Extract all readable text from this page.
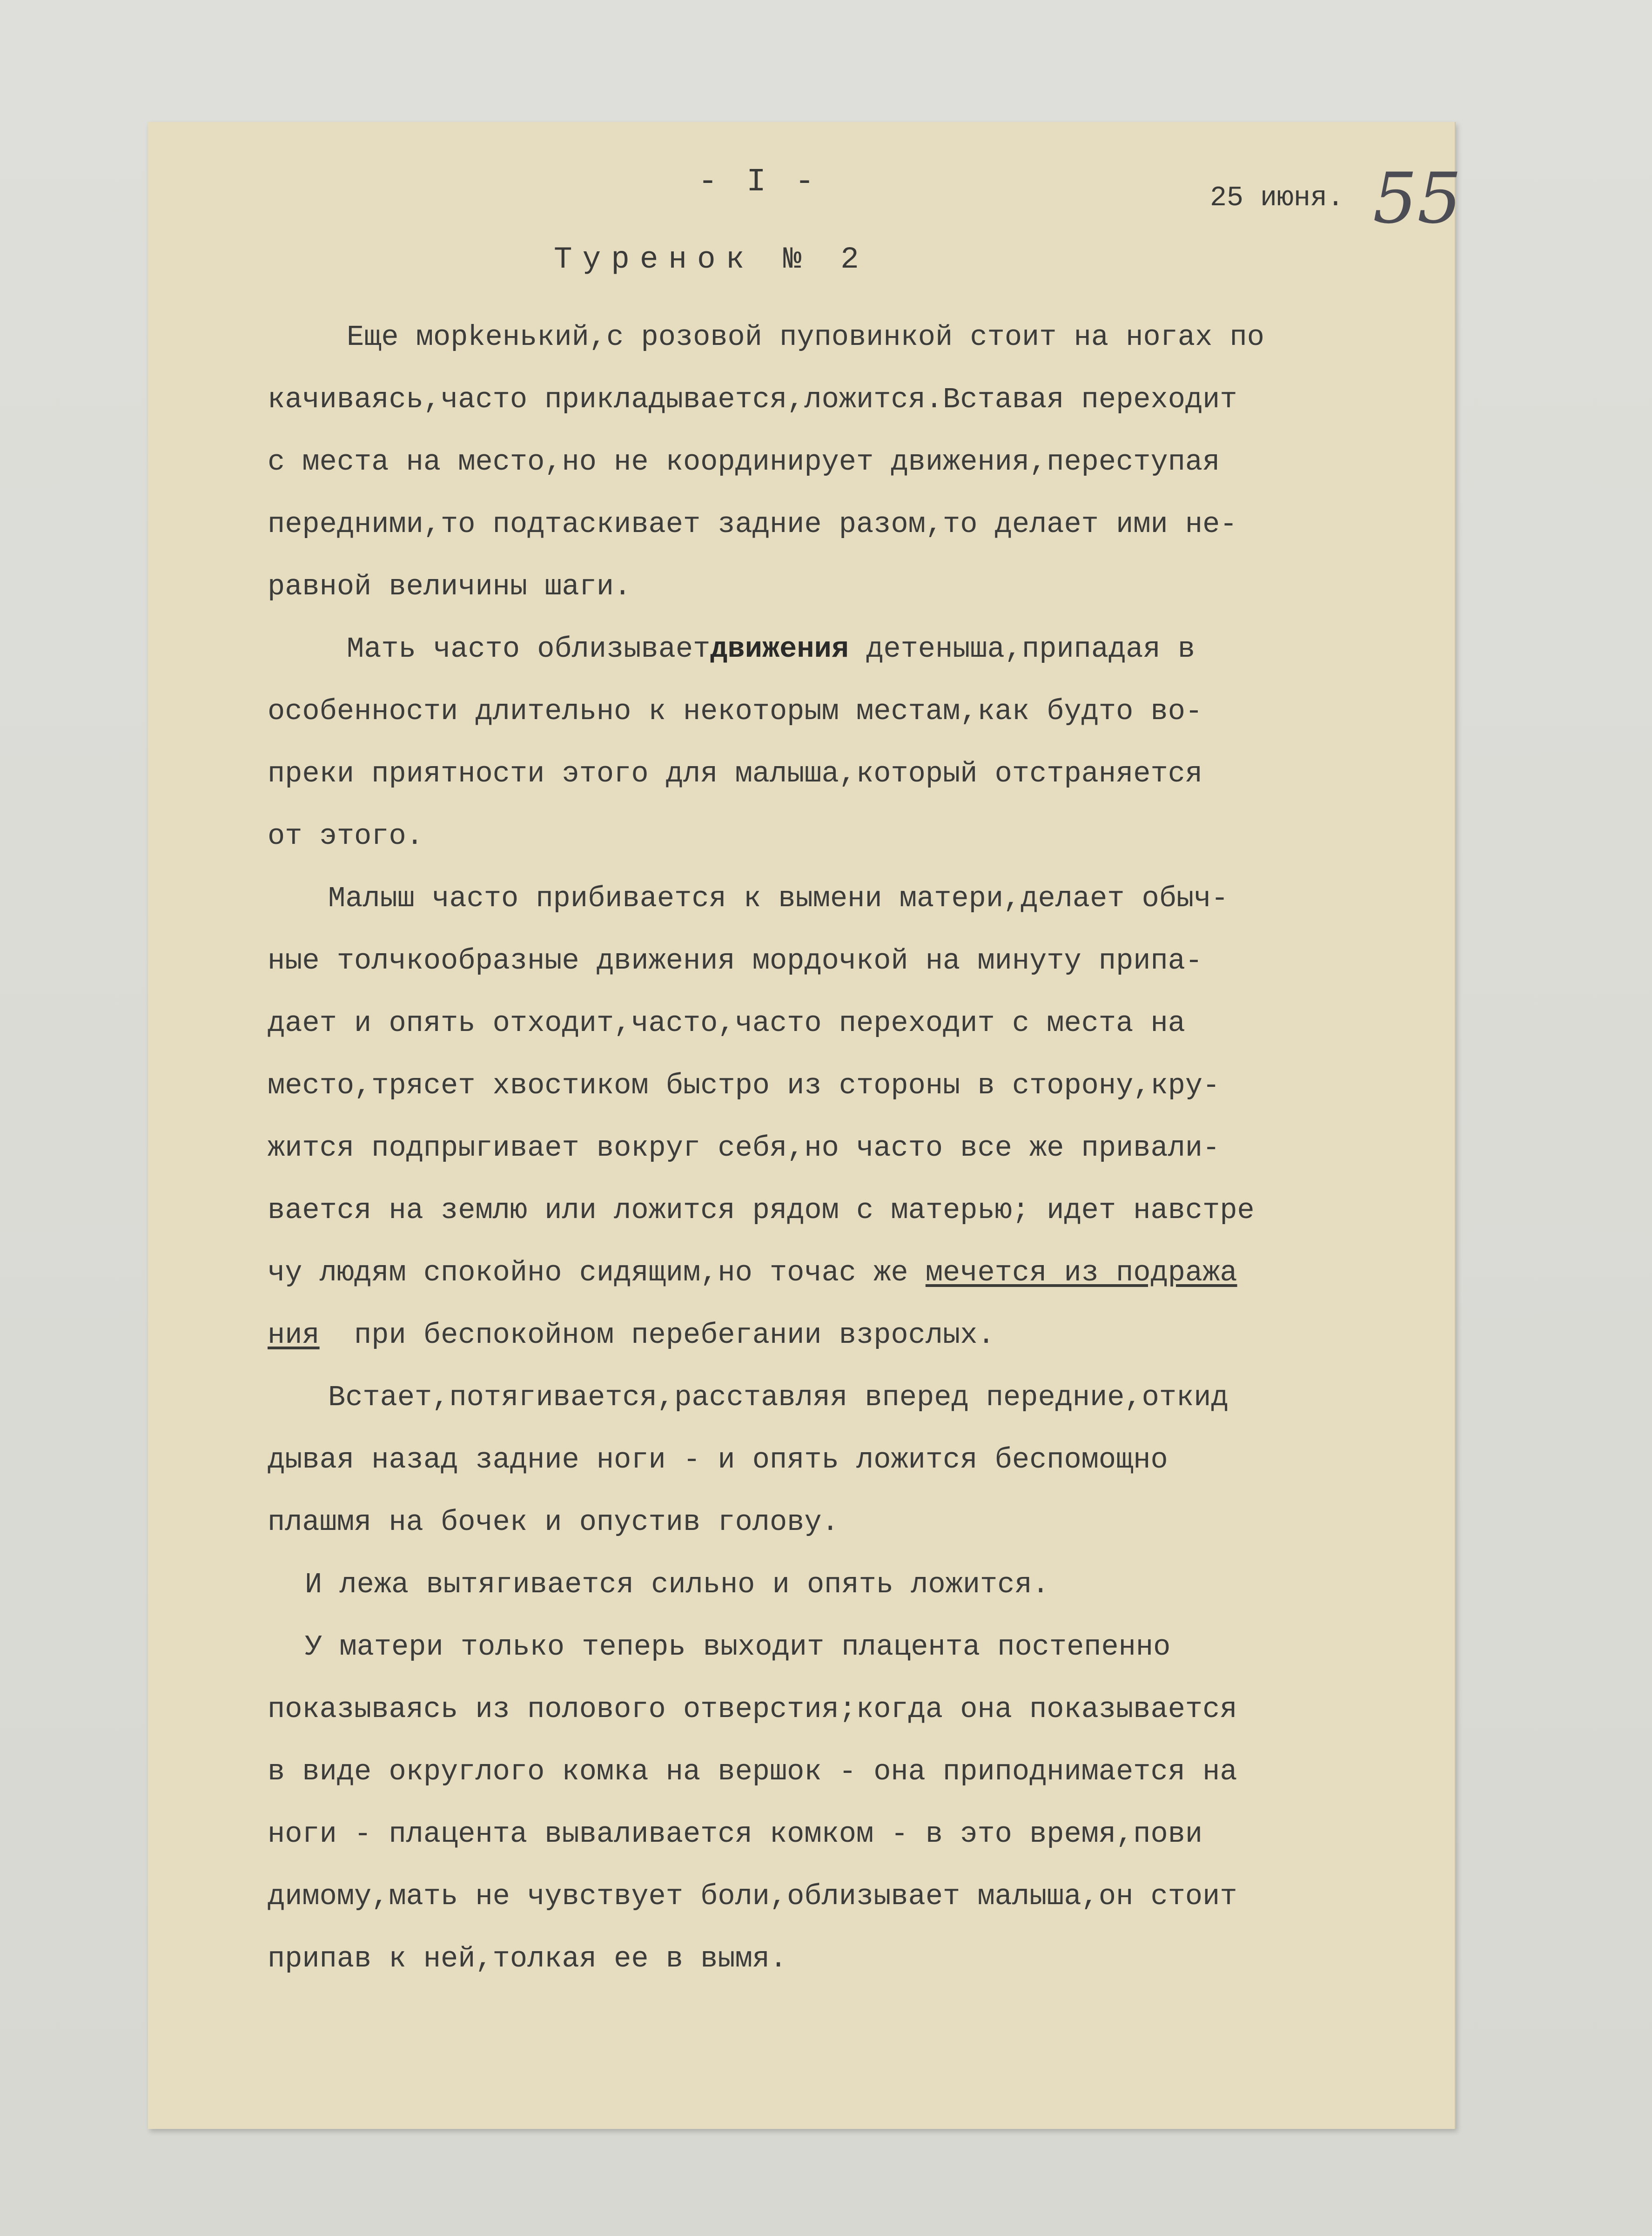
- I -	25 июня. 55
Туренок № 2
Еще морkенький,с розовой пуповинкой стоит на ногах по
качиваясь,часто прикладывается,ложится.Вставая переходит
с места на место,но не координирует движения,переступая
передними,то подтаскивает задние разом,то делает ими не-
равной величины шаги.
Мать часто облизываетдвижения детеныша,припадая в
особенности длительно к некоторым местам,как будто во-
преки приятности этого для малыша,который отстраняется
от этого.
Малыш часто прибивается к вымени матери,делает обыч-
ные толчкообразные движения мордочкой на минуту припа-
дает и опять отходит,часто,часто переходит с места на
место,трясет хвостиком быстро из стороны в сторону,кру-
жится подпрыгивает вокруг себя,но часто все же привали-
вается на землю или ложится рядом с матерью; идет навстре
чу людям спокойно сидящим,но точас же мечется из подража
ния  при беспокойном перебегании взрослых.
Встает,потягивается,расставляя вперед передние,откид
дывая назад задние ноги - и опять ложится беспомощно
плашмя на бочек и опустив голову.
И лежа вытягивается сильно и опять ложится.
У матери только теперь выходит плацента постепенно
показываясь из полового отверстия;когда она показывается
в виде округлого комка на вершок - она приподнимается на
ноги - плацента вываливается комком - в это время,пови
димому,мать не чувствует боли,облизывает малыша,он стоит
припав к ней,толкая ее в вымя.
